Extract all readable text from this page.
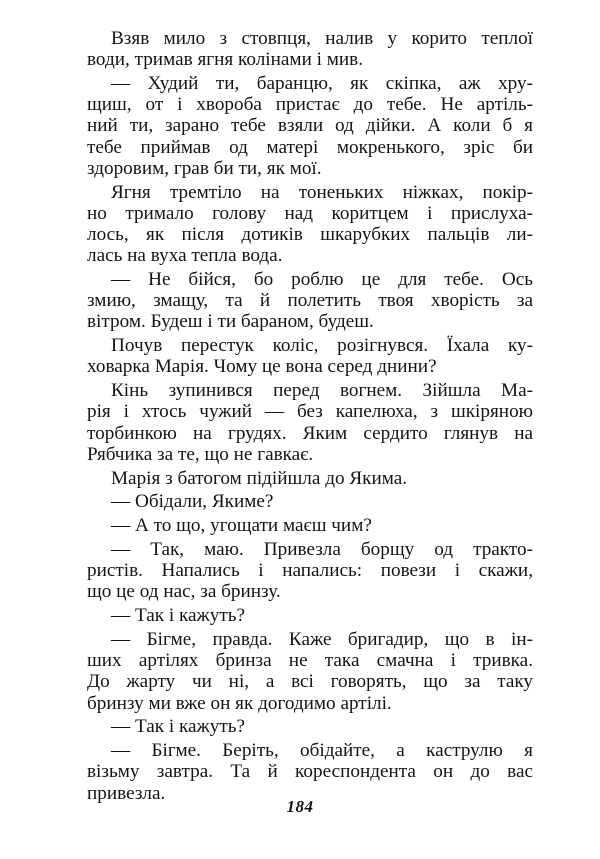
Взяв мило з стовпця, налив у корито теплої
води, тримав ягня колінами і мив.
— Худий ти, баранцю, як скіпка, аж хру-
щиш, от і хвороба пристає до тебе. Не артіль-
ний ти, зарано тебе взяли од дійки. А коли б я
тебе приймав од матері мокренького, зріс би
здоровим, грав би ти, як мої.
Ягня тремтіло на тоненьких ніжках, покір-
но тримало голову над коритцем і прислуха-
лось, як після дотиків шкарубких пальців ли-
лась на вуха тепла вода.
— Не бійся, бо роблю це для тебе. Ось
змию, змащу, та й полетить твоя хворість за
вітром. Будеш і ти бараном, будеш.
Почув перестук коліс, розігнувся. Їхала ку-
ховарка Марія. Чому це вона серед днини?
Кінь зупинився перед вогнем. Зійшла Ма-
рія і хтось чужий — без капелюха, з шкіряною
торбинкою на грудях. Яким сердито глянув на
Рябчика за те, що не гавкає.
Марія з батогом підійшла до Якима.
— Обідали, Якиме?
— А то що, угощати маєш чим?
— Так, маю. Привезла борщу од тракто-
ристів. Напались і напались: повези і скажи,
що це од нас, за бринзу.
— Так і кажуть?
— Бігме, правда. Каже бригадир, що в ін-
ших артілях бринза не така смачна і тривка.
До жарту чи ні, а всі говорять, що за таку
бринзу ми вже он як догодимо артілі.
— Так і кажуть?
— Бігме. Беріть, обідайте, а каструлю я
візьму завтра. Та й кореспондента он до вас
привезла.
184
